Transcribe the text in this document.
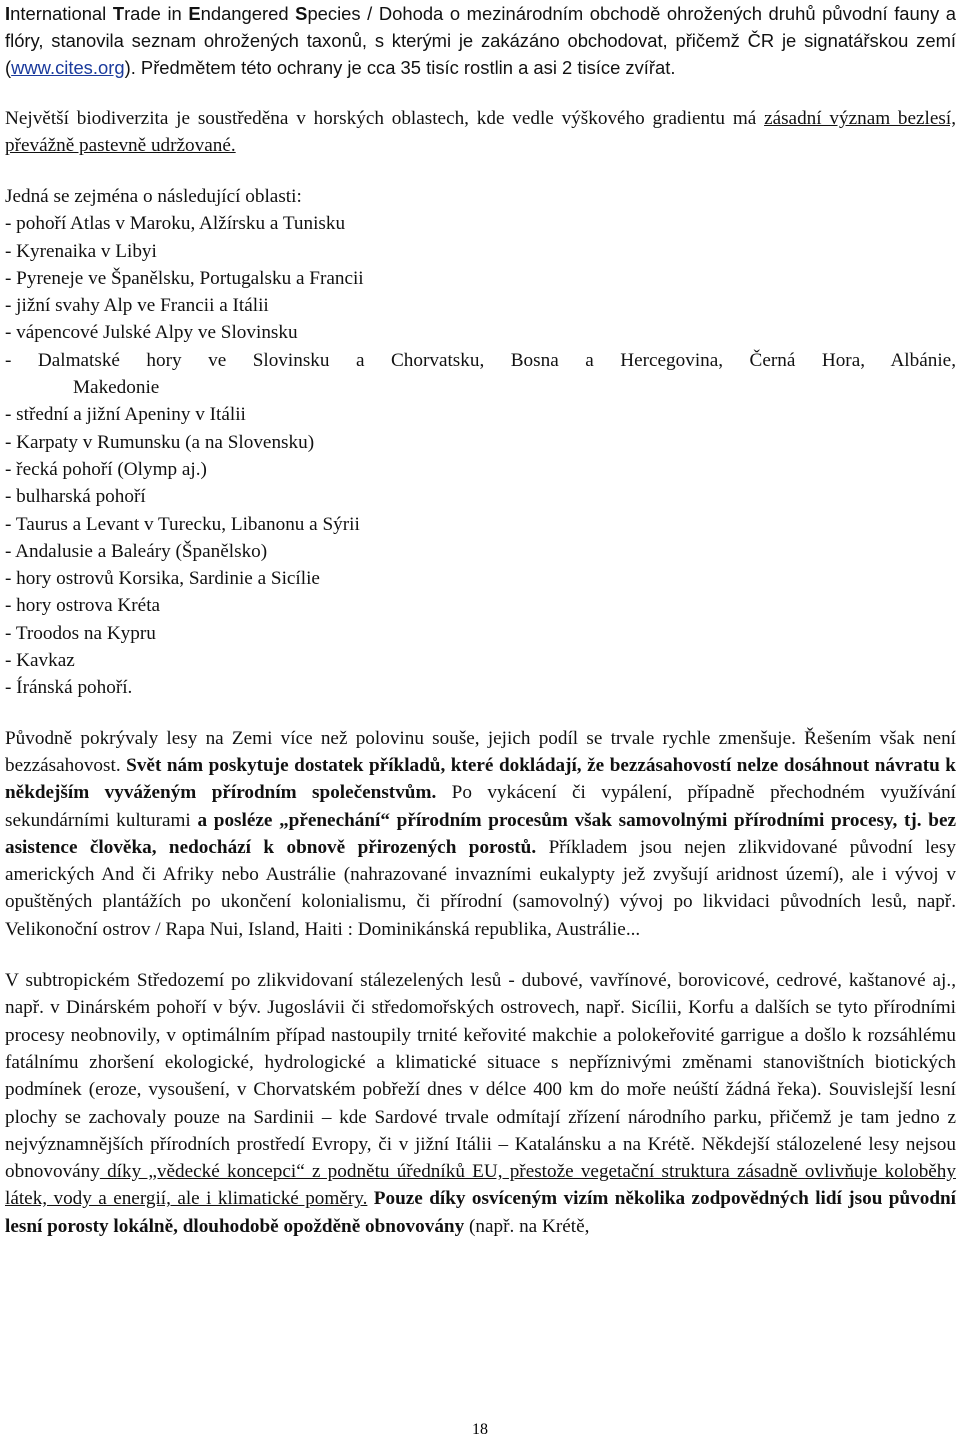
International Trade in Endangered Species / Dohoda o mezinárodním obchodě ohrožených druhů původní fauny a flóry, stanovila seznam ohrožených taxonů, s kterými je zakázáno obchodovat, přičemž ČR je signatářskou zemí (www.cites.org). Předmětem této ochrany je cca 35 tisíc rostlin a asi 2 tisíce zvířat.

Největší biodiverzita je soustředěna v horských oblastech, kde vedle výškového gradientu má zásadní význam bezlesí, převážně pastevně udržované.

Jedná se zejména o následující oblasti:

- pohoří Atlas v Maroku, Alžírsku a Tunisku
- Kyrenaika v Libyi
- Pyreneje ve Španělsku, Portugalsku a Francii
- jižní svahy Alp ve Francii a Itálii
- vápencové Julské Alpy ve Slovinsku
- Dalmatské hory ve Slovinsku a Chorvatsku, Bosna a Hercegovina, Černá Hora, Albánie,
Makedonie
- střední a jižní Apeniny v Itálii
- Karpaty v Rumunsku (a na Slovensku)
- řecká pohoří (Olymp aj.)
- bulharská pohoří
- Taurus a Levant v Turecku, Libanonu a Sýrii
- Andalusie a Baleáry (Španělsko)
- hory ostrovů Korsika, Sardinie a Sicílie
- hory ostrova Kréta
- Troodos na Kypru
- Kavkaz
- Íránská pohoří.

Původně pokrývaly lesy na Zemi více než polovinu souše, jejich podíl se trvale rychle zmenšuje. Řešením však není bezzásahovost. Svět nám poskytuje dostatek příkladů, které dokládají, že bezzásahovostí nelze dosáhnout návratu k někdejším vyváženým přírodním společenstvům. Po vykácení či vypálení, případně přechodném využívání sekundárními kulturami a posléze „přenechání“ přírodním procesům však samovolnými přírodními procesy, tj. bez asistence člověka, nedochází k obnově přirozených porostů. Příkladem jsou nejen zlikvidované původní lesy amerických And či Afriky nebo Austrálie (nahrazované invazními eukalypty jež zvyšují aridnost území), ale i vývoj v opuštěných plantážích po ukončení kolonialismu, či přírodní (samovolný) vývoj po likvidaci původních lesů, např. Velikonoční ostrov / Rapa Nui, Island, Haiti : Dominikánská republika, Austrálie...

V subtropickém Středozemí po zlikvidovaní stálezelených lesů - dubové, vavřínové, borovicové, cedrové, kaštanové aj., např. v Dinárském pohoří v býv. Jugoslávii či středomořských ostrovech, např. Sicílii, Korfu a dalších se tyto přírodními procesy neobnovily, v optimálním případ nastoupily trnité keřovité makchie a polokeřovité garrigue a došlo k rozsáhlému fatálnímu zhoršení ekologické, hydrologické a klimatické situace s nepříznivými změnami stanovištních biotických podmínek (eroze, vysoušení, v Chorvatském pobřeží dnes v délce 400 km do moře neúští žádná řeka). Souvislejší lesní plochy se zachovaly pouze na Sardinii – kde Sardové trvale odmítají zřízení národního parku, přičemž je tam jedno z nejvýznamnějších přírodních prostředí Evropy, či v jižní Itálii – Katalánsku a na Krétě. Někdejší stálozelené lesy nejsou obnovovány díky „vědecké koncepci“ z podnětu úředníků EU, přestože vegetační struktura zásadně ovlivňuje koloběhy látek, vody a energií, ale i klimatické poměry. Pouze díky osvíceným vizím několika zodpovědných lidí jsou původní lesní porosty lokálně, dlouhodobě opožděně obnovovány (např. na Krétě,

18
